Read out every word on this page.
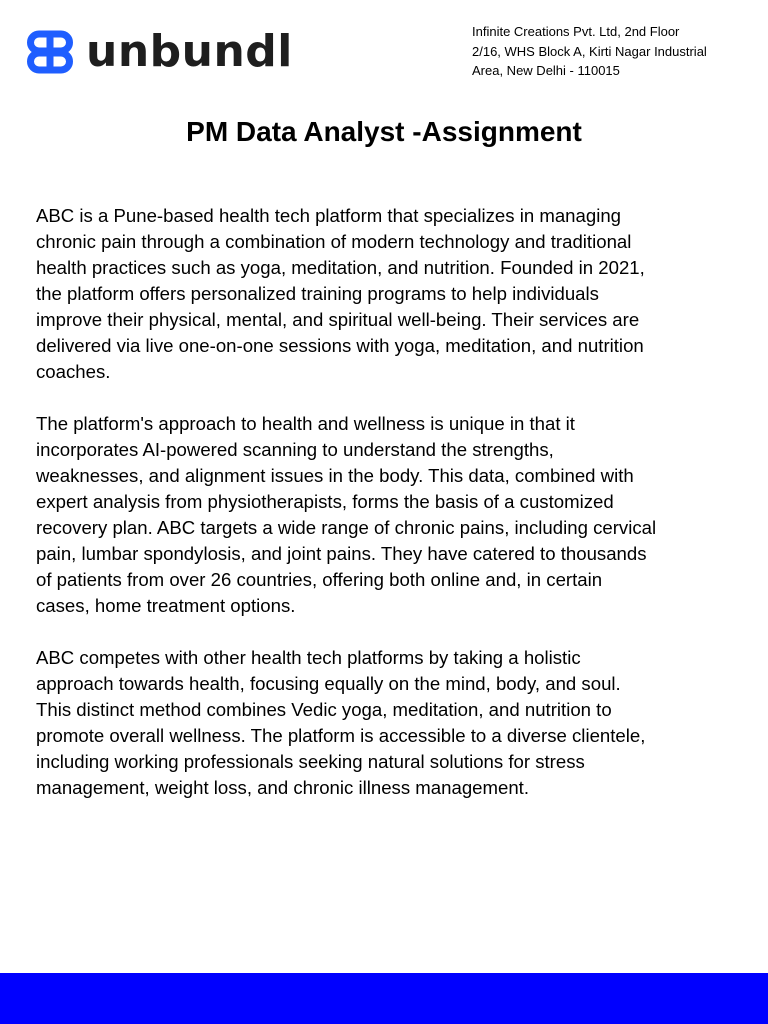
unbundl	Infinite Creations Pvt. Ltd, 2nd Floor
2/16, WHS Block A, Kirti Nagar Industrial
Area, New Delhi - 110015
PM Data Analyst -Assignment

ABC is a Pune-based health tech platform that specializes in managing
chronic pain through a combination of modern technology and traditional
health practices such as yoga, meditation, and nutrition. Founded in 2021,
the platform offers personalized training programs to help individuals
improve their physical, mental, and spiritual well-being. Their services are
delivered via live one-on-one sessions with yoga, meditation, and nutrition
coaches.

The platform's approach to health and wellness is unique in that it
incorporates AI-powered scanning to understand the strengths,
weaknesses, and alignment issues in the body. This data, combined with
expert analysis from physiotherapists, forms the basis of a customized
recovery plan. ABC targets a wide range of chronic pains, including cervical
pain, lumbar spondylosis, and joint pains. They have catered to thousands
of patients from over 26 countries, offering both online and, in certain
cases, home treatment options.

ABC competes with other health tech platforms by taking a holistic
approach towards health, focusing equally on the mind, body, and soul.
This distinct method combines Vedic yoga, meditation, and nutrition to
promote overall wellness. The platform is accessible to a diverse clientele,
including working professionals seeking natural solutions for stress
management, weight loss, and chronic illness management.
